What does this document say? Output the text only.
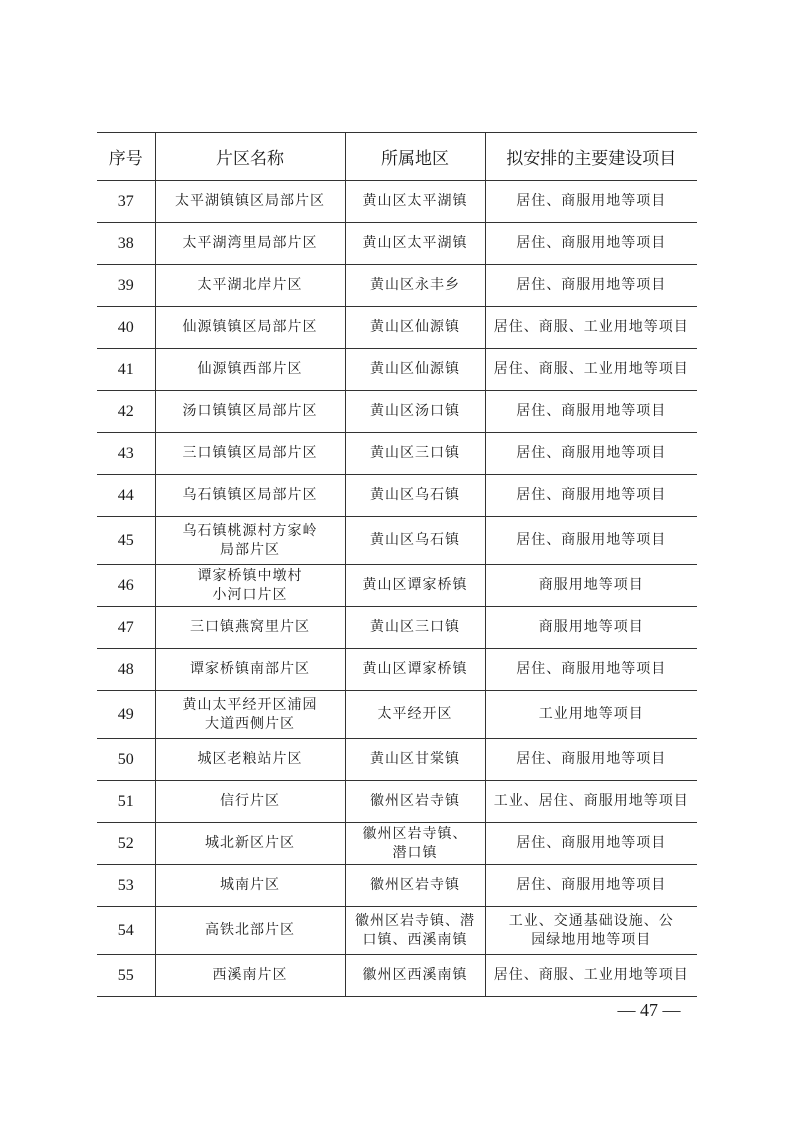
序号	片区名称	所属地区	拟安排的主要建设项目
37	太平湖镇镇区局部片区	黄山区太平湖镇	居住、商服用地等项目
38	太平湖湾里局部片区	黄山区太平湖镇	居住、商服用地等项目
39	太平湖北岸片区	黄山区永丰乡	居住、商服用地等项目
40	仙源镇镇区局部片区	黄山区仙源镇	居住、商服、工业用地等项目
41	仙源镇西部片区	黄山区仙源镇	居住、商服、工业用地等项目
42	汤口镇镇区局部片区	黄山区汤口镇	居住、商服用地等项目
43	三口镇镇区局部片区	黄山区三口镇	居住、商服用地等项目
44	乌石镇镇区局部片区	黄山区乌石镇	居住、商服用地等项目
45	乌石镇桃源村方家岭
局部片区	黄山区乌石镇	居住、商服用地等项目
46	谭家桥镇中墩村
小河口片区	黄山区谭家桥镇	商服用地等项目
47	三口镇燕窝里片区	黄山区三口镇	商服用地等项目
48	谭家桥镇南部片区	黄山区谭家桥镇	居住、商服用地等项目
49	黄山太平经开区浦园
大道西侧片区	太平经开区	工业用地等项目
50	城区老粮站片区	黄山区甘棠镇	居住、商服用地等项目
51	信行片区	徽州区岩寺镇	工业、居住、商服用地等项目
52	城北新区片区	徽州区岩寺镇、
潜口镇	居住、商服用地等项目
53	城南片区	徽州区岩寺镇	居住、商服用地等项目
54	高铁北部片区	徽州区岩寺镇、潜
口镇、西溪南镇	工业、交通基础设施、公
园绿地用地等项目
55	西溪南片区	徽州区西溪南镇	居住、商服、工业用地等项目
— 47 —
